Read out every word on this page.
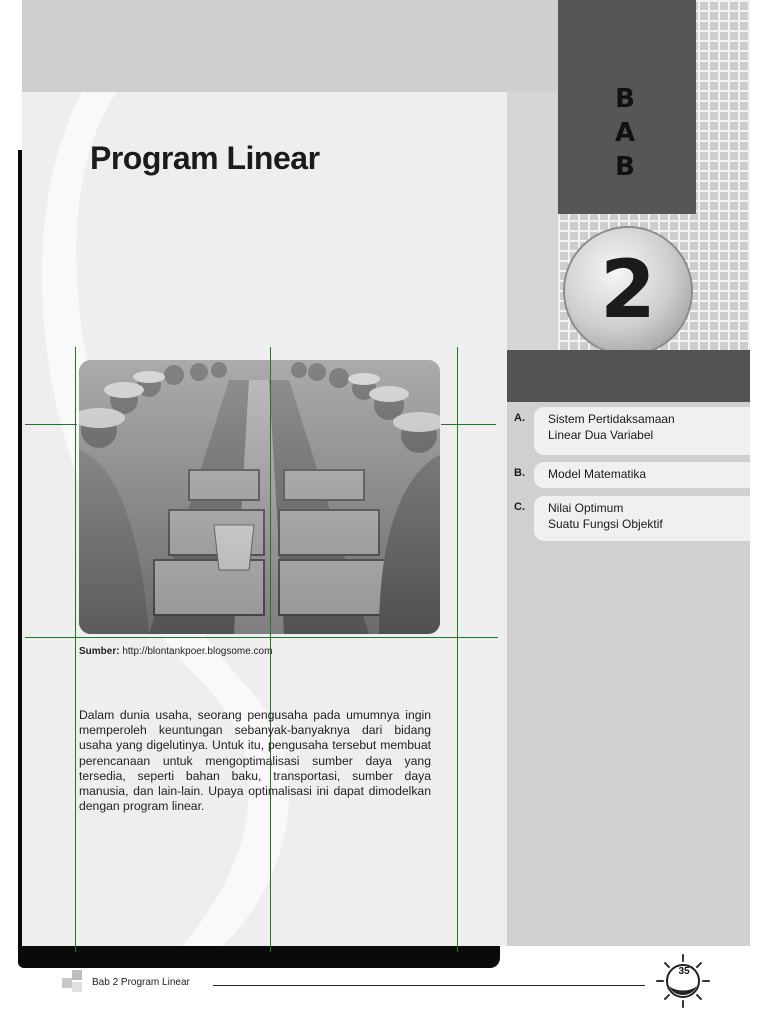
B
A
B
2
Program Linear
Sumber: http://blontankpoer.blogsome.com
Dalam dunia usaha, seorang pengusaha pada umumnya ingin memperoleh keuntungan sebanyak-banyaknya dari bidang usaha yang digelutinya. Untuk itu, pengusaha tersebut membuat perencanaan untuk mengoptimalisasi sumber daya yang tersedia, seperti bahan baku, transportasi, sumber daya manusia, dan lain-lain. Upaya optimalisasi ini dapat dimodelkan dengan program linear.
A. Sistem Pertidaksamaan
Linear Dua Variabel
B. Model Matematika
C. Nilai Optimum
Suatu Fungsi Objektif
Bab 2 Program Linear
35
